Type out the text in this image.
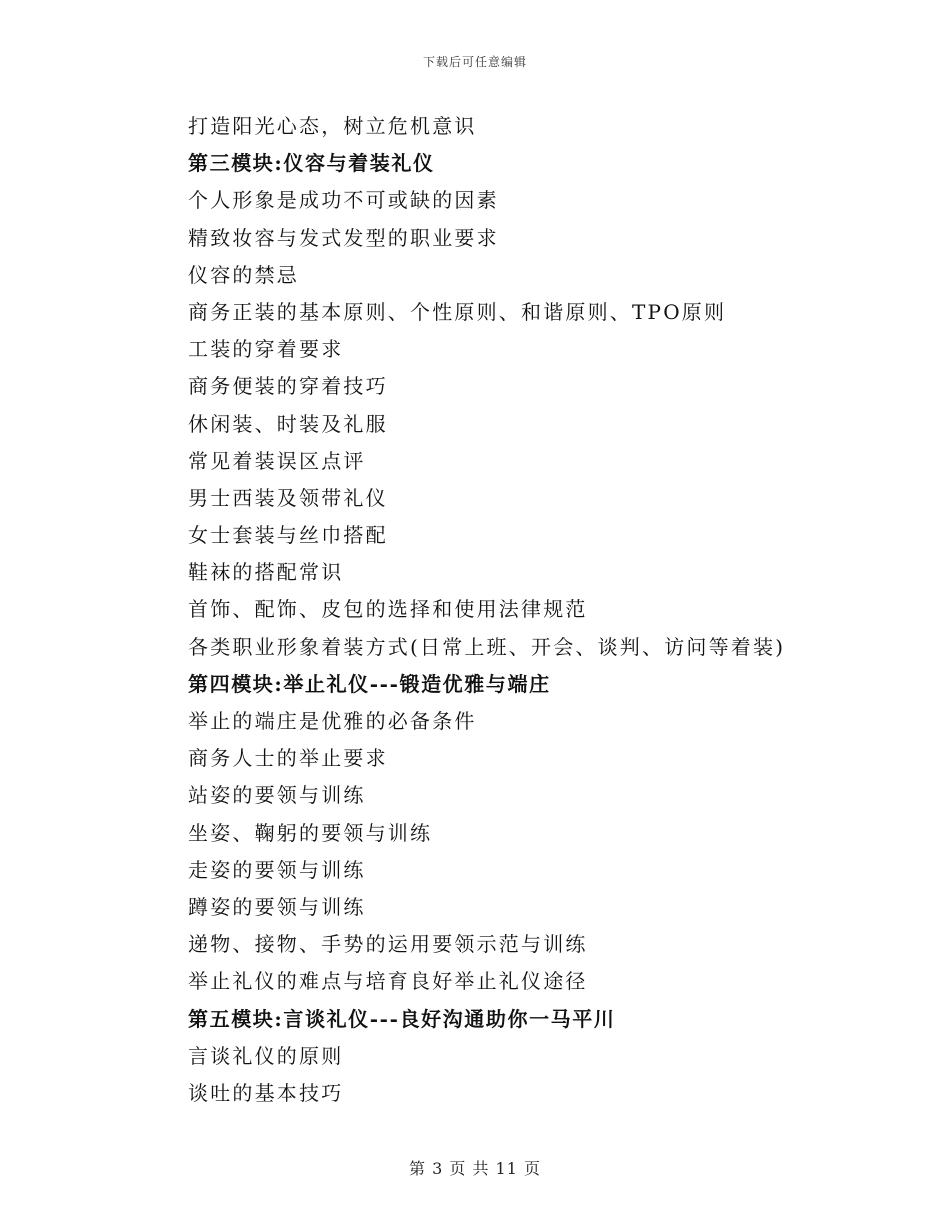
下载后可任意编辑
打造阳光心态，树立危机意识
第三模块:仪容与着装礼仪
个人形象是成功不可或缺的因素
精致妆容与发式发型的职业要求
仪容的禁忌
商务正装的基本原则、个性原则、和谐原则、TPO原则
工装的穿着要求
商务便装的穿着技巧
休闲装、时装及礼服
常见着装误区点评
男士西装及领带礼仪
女士套装与丝巾搭配
鞋袜的搭配常识
首饰、配饰、皮包的选择和使用法律规范
各类职业形象着装方式(日常上班、开会、谈判、访问等着装)
第四模块:举止礼仪---锻造优雅与端庄
举止的端庄是优雅的必备条件
商务人士的举止要求
站姿的要领与训练
坐姿、鞠躬的要领与训练
走姿的要领与训练
蹲姿的要领与训练
递物、接物、手势的运用要领示范与训练
举止礼仪的难点与培育良好举止礼仪途径
第五模块:言谈礼仪---良好沟通助你一马平川
言谈礼仪的原则
谈吐的基本技巧
第 3 页 共 11 页
